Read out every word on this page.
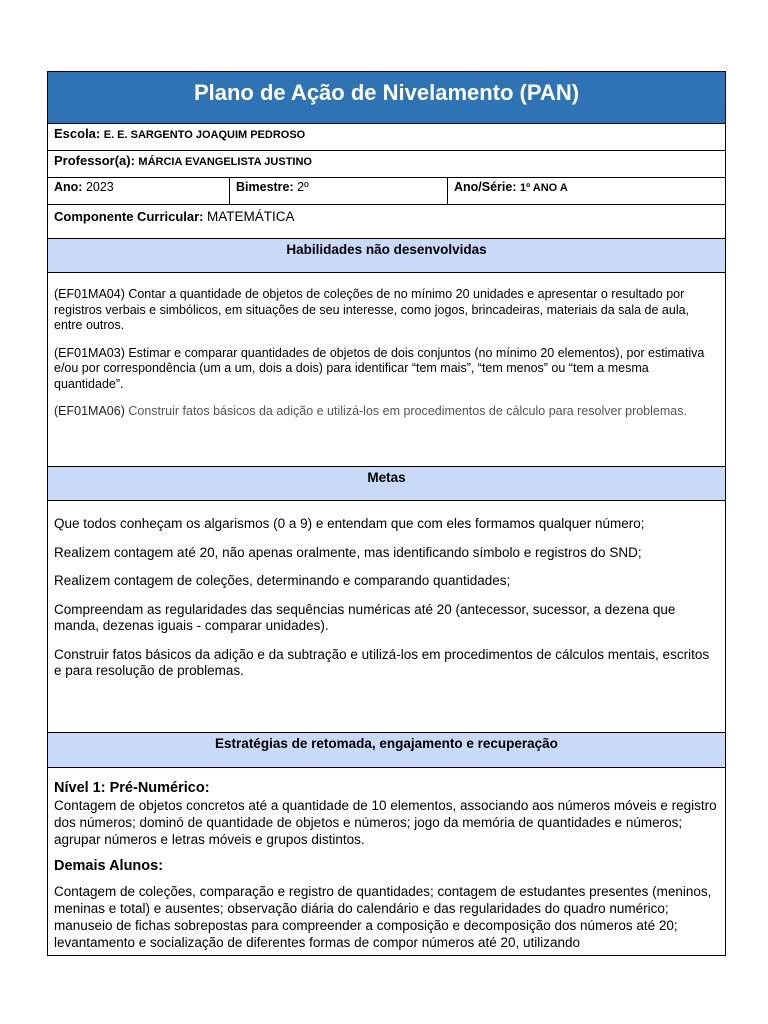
Plano de Ação de Nivelamento (PAN)
Escola: E. E. SARGENTO JOAQUIM PEDROSO
Professor(a): MÁRCIA EVANGELISTA JUSTINO
Ano: 2023	Bimestre: 2º	Ano/Série: 1º ANO A
Componente Curricular: MATEMÁTICA
Habilidades não desenvolvidas

(EF01MA04) Contar a quantidade de objetos de coleções de no mínimo 20 unidades e apresentar o resultado por registros verbais e simbólicos, em situações de seu interesse, como jogos, brincadeiras, materiais da sala de aula, entre outros.

(EF01MA03) Estimar e comparar quantidades de objetos de dois conjuntos (no mínimo 20 elementos), por estimativa e/ou por correspondência (um a um, dois a dois) para identificar “tem mais”, “tem menos” ou “tem a mesma quantidade”.

(EF01MA06) Construir fatos básicos da adição e utilizá-los em procedimentos de cálculo para resolver problemas.

Metas

Que todos conheçam os algarismos (0 a 9) e entendam que com eles formamos qualquer número;

Realizem contagem até 20, não apenas oralmente, mas identificando símbolo e registros do SND;

Realizem contagem de coleções, determinando e comparando quantidades;

Compreendam as regularidades das sequências numéricas até 20 (antecessor, sucessor, a dezena que manda, dezenas iguais - comparar unidades).

Construir fatos básicos da adição e da subtração e utilizá-los em procedimentos de cálculos mentais, escritos e para resolução de problemas.

Estratégias de retomada, engajamento e recuperação
Nível 1: Pré-Numérico:

Contagem de objetos concretos até a quantidade de 10 elementos, associando aos números móveis e registro dos números; dominó de quantidade de objetos e números; jogo da memória de quantidades e números; agrupar números e letras móveis e grupos distintos.

Demais Alunos:

Contagem de coleções, comparação e registro de quantidades; contagem de estudantes presentes (meninos, meninas e total) e ausentes; observação diária do calendário e das regularidades do quadro numérico; manuseio de fichas sobrepostas para compreender a composição e decomposição dos números até 20; levantamento e socialização de diferentes formas de compor números até 20, utilizando
